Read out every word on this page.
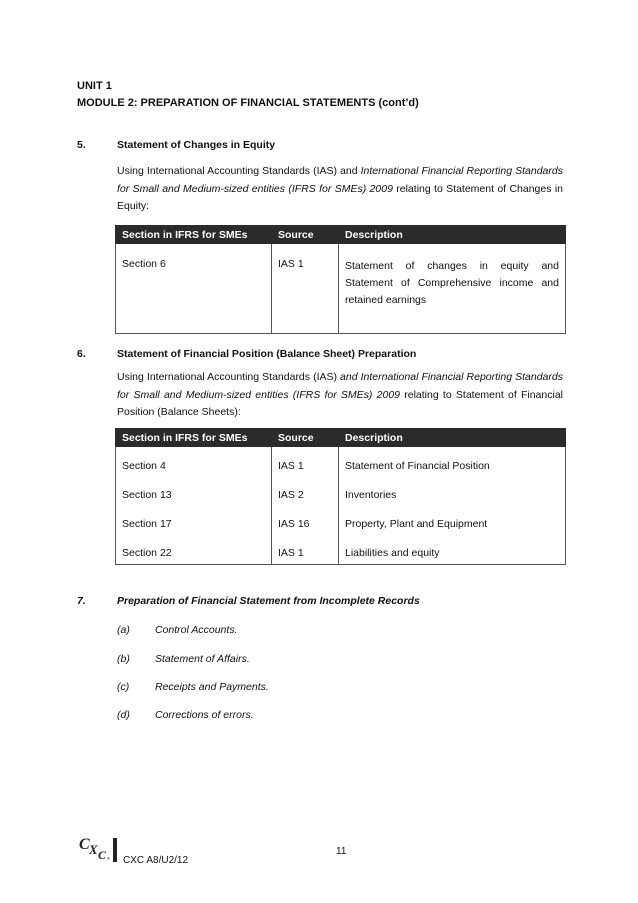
UNIT 1
MODULE 2: PREPARATION OF FINANCIAL STATEMENTS (cont’d)
5.	Statement of Changes in Equity
Using International Accounting Standards (IAS) and International Financial Reporting Standards for Small and Medium-sized entities (IFRS for SMEs) 2009 relating to Statement of Changes in Equity:
Section in IFRS for SMEs	Source	Description
Section 6	IAS 1	Statement of changes in equity and Statement of Comprehensive income and retained earnings
6.	Statement of Financial Position (Balance Sheet) Preparation
Using International Accounting Standards (IAS) and International Financial Reporting Standards for Small and Medium-sized entities (IFRS for SMEs) 2009 relating to Statement of Financial Position (Balance Sheets):
Section in IFRS for SMEs	Source	Description
Section 4	IAS 1	Statement of Financial Position
Section 13	IAS 2	Inventories
Section 17	IAS 16	Property, Plant and Equipment
Section 22	IAS 1	Liabilities and equity
7.	Preparation of Financial Statement from Incomplete Records
(a) Control Accounts.
(b) Statement of Affairs.
(c) Receipts and Payments.
(d) Corrections of errors.
C X C ® CXC A8/U2/12
11
